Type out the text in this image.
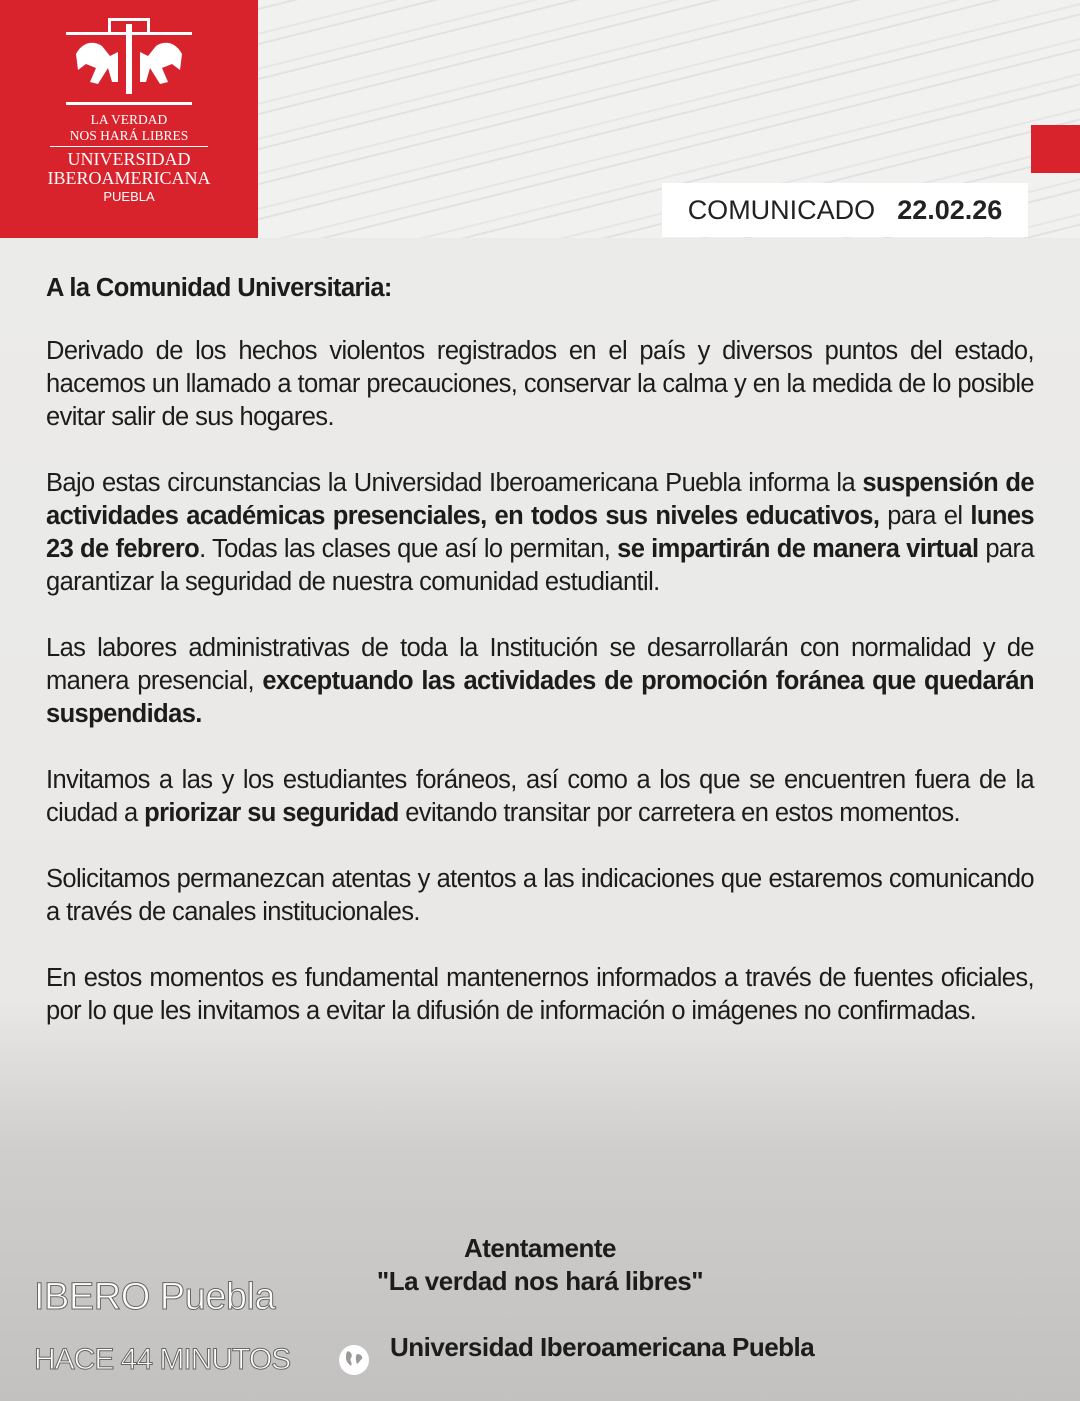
LA VERDAD
NOS HARÁ LIBRES
UNIVERSIDAD
IBEROAMERICANA
PUEBLA	COMUNICADO 22.02.26

A la Comunidad Universitaria:

Derivado de los hechos violentos registrados en el país y diversos puntos del estado, hacemos un llamado a tomar precauciones, conservar la calma y en la medida de lo posible evitar salir de sus hogares.

Bajo estas circunstancias la Universidad Iberoamericana Puebla informa la suspensión de actividades académicas presenciales, en todos sus niveles educativos, para el lunes 23 de febrero. Todas las clases que así lo permitan, se impartirán de manera virtual para garantizar la seguridad de nuestra comunidad estudiantil.

Las labores administrativas de toda la Institución se desarrollarán con normalidad y de manera presencial, exceptuando las actividades de promoción foránea que quedarán suspendidas.

Invitamos a las y los estudiantes foráneos, así como a los que se encuentren fuera de la ciudad a priorizar su seguridad evitando transitar por carretera en estos momentos.

Solicitamos permanezcan atentas y atentos a las indicaciones que estaremos comunicando a través de canales institucionales.

En estos momentos es fundamental mantenernos informados a través de fuentes oficiales, por lo que les invitamos a evitar la difusión de información o imágenes no confirmadas.

Atentamente
"La verdad nos hará libres"
Universidad Iberoamericana Puebla
IBERO Puebla
HACE 44 MINUTOS
